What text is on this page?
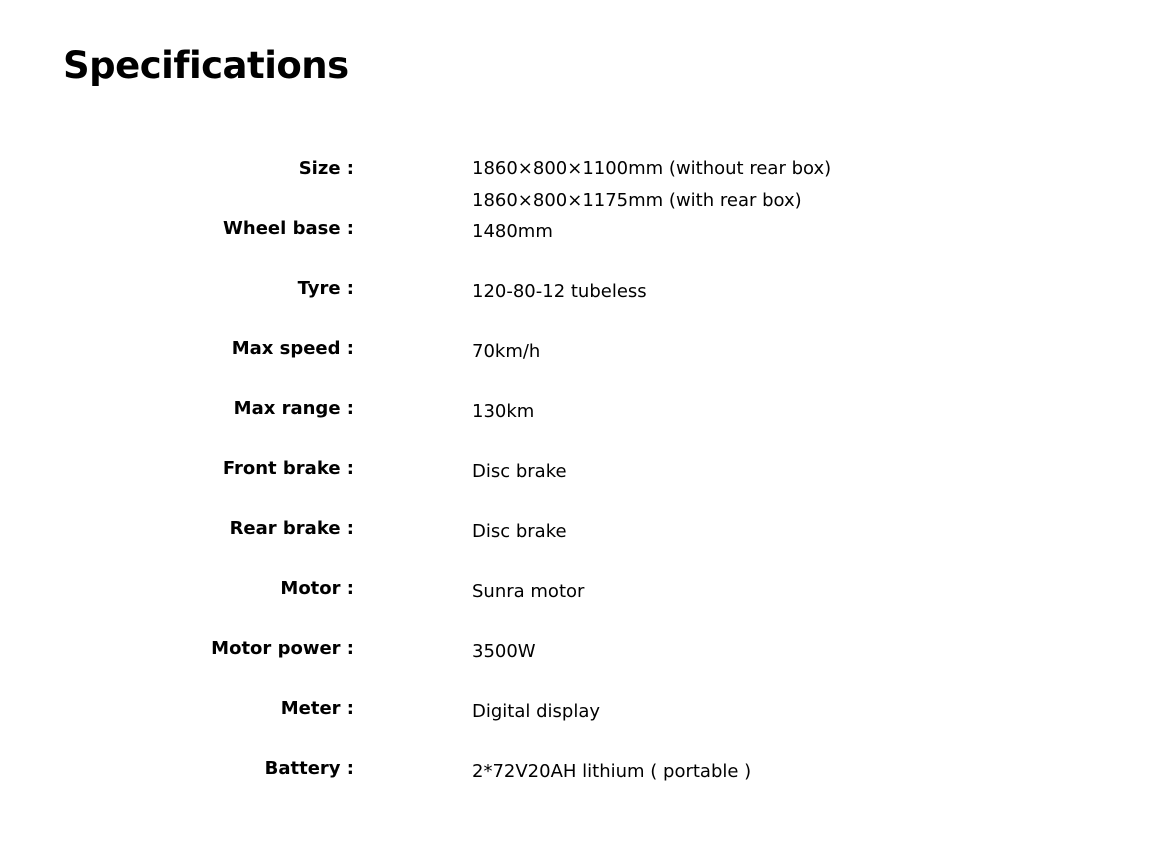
Specifications
Size :	1860×800×1100mm (without rear box)
1860×800×1175mm (with rear box)
Wheel base :	1480mm
Tyre :	120-80-12 tubeless
Max speed :	70km/h
Max range :	130km
Front brake :	Disc brake
Rear brake :	Disc brake
Motor :	Sunra motor
Motor power :	3500W
Meter :	Digital display
Battery :	2*72V20AH lithium ( portable )
